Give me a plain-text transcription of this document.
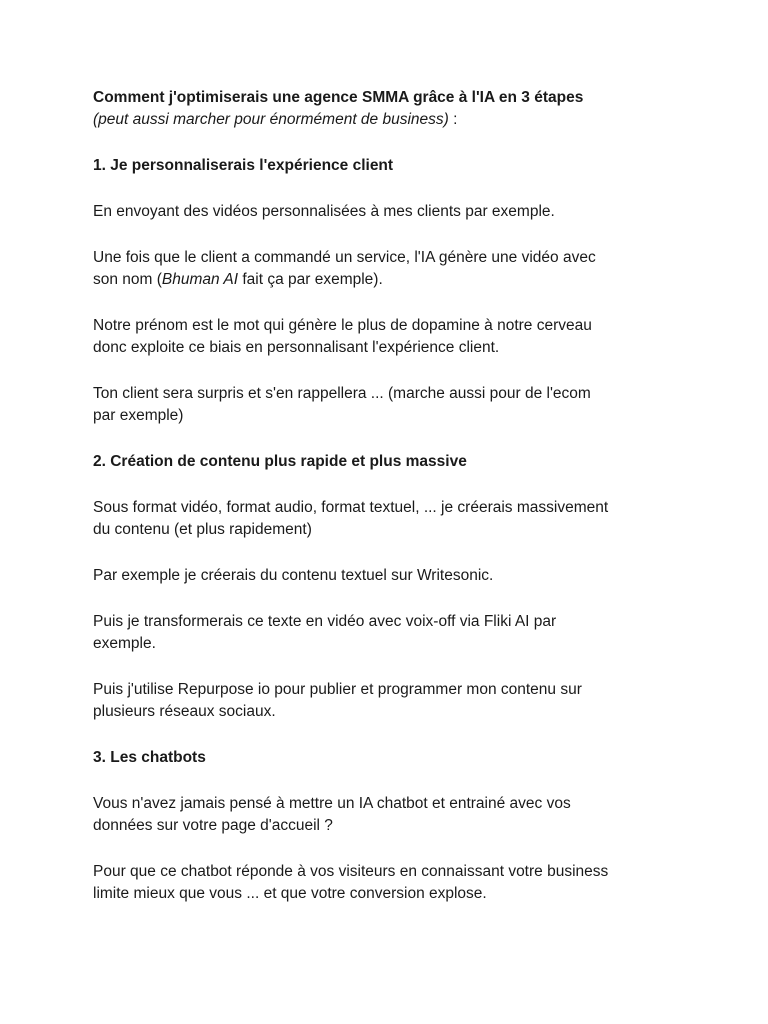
Comment j'optimiserais une agence SMMA grâce à l'IA en 3 étapes

(peut aussi marcher pour énormément de business) :

1. Je personnaliserais l'expérience client

En envoyant des vidéos personnalisées à mes clients par exemple.

Une fois que le client a commandé un service, l'IA génère une vidéo avec
son nom (Bhuman AI fait ça par exemple).

Notre prénom est le mot qui génère le plus de dopamine à notre cerveau
donc exploite ce biais en personnalisant l'expérience client.

Ton client sera surpris et s'en rappellera ... (marche aussi pour de l'ecom
par exemple)

2. Création de contenu plus rapide et plus massive

Sous format vidéo, format audio, format textuel, ... je créerais massivement
du contenu (et plus rapidement)

Par exemple je créerais du contenu textuel sur Writesonic.

Puis je transformerais ce texte en vidéo avec voix-off via Fliki AI par
exemple.

Puis j'utilise Repurpose io pour publier et programmer mon contenu sur
plusieurs réseaux sociaux.

3. Les chatbots

Vous n'avez jamais pensé à mettre un IA chatbot et entrainé avec vos
données sur votre page d'accueil ?

Pour que ce chatbot réponde à vos visiteurs en connaissant votre business
limite mieux que vous ... et que votre conversion explose.
